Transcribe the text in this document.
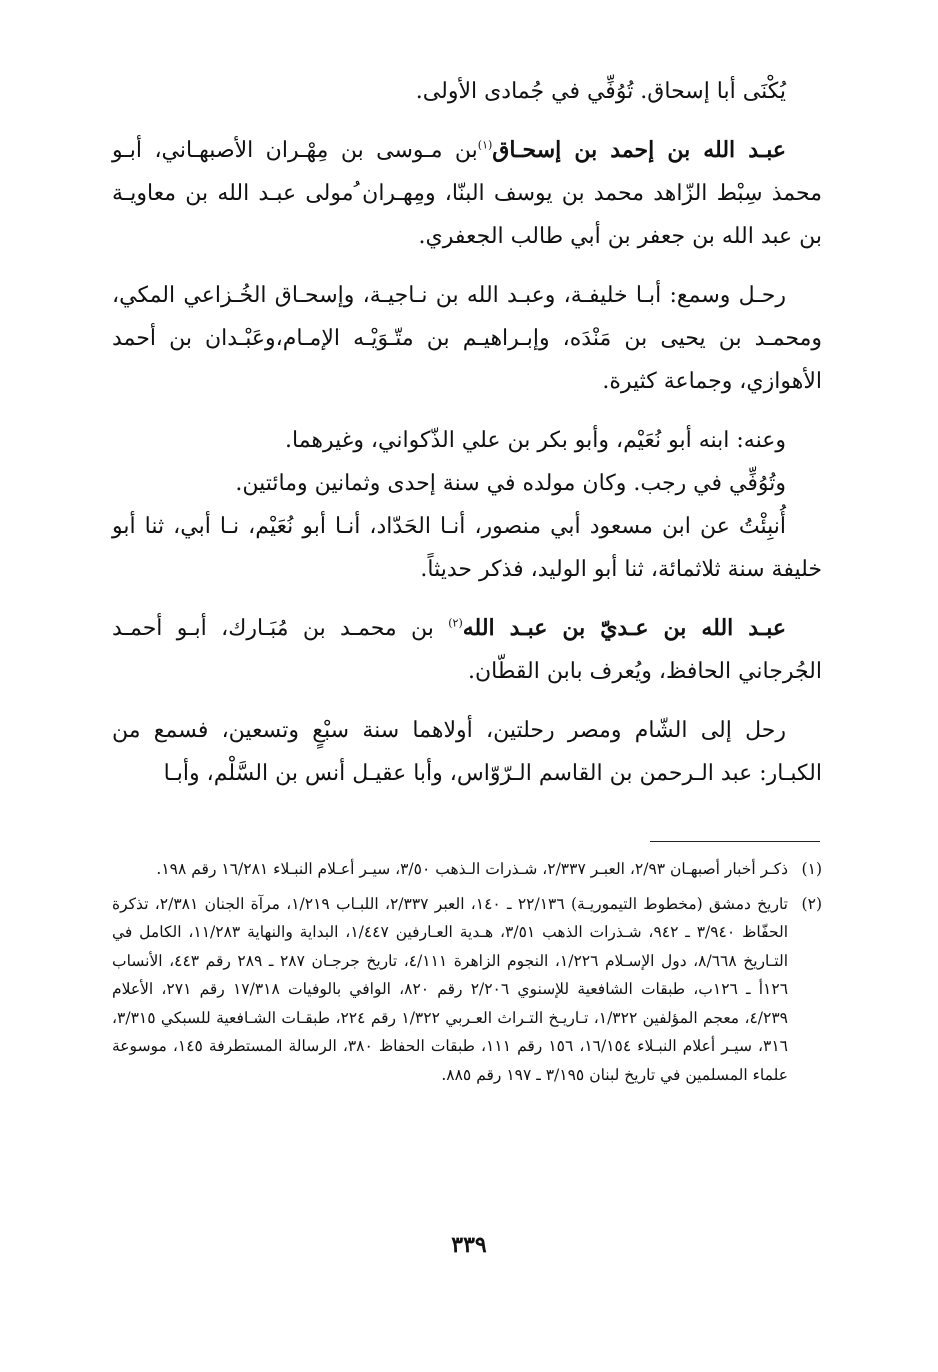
يُكْنَى أبا إسحاق. تُوُفِّي في جُمادى الأولى.

عبـد الله بن إحمد بن إسحـاق$^{(١)}$بن مـوسى بن مِهْـران الأصبهـاني، أبـو محمذ سِبْط الزّاهد محمد بن يوسف البنّا، ومِهـران ُمولى عبـد الله بن معاويـة بن عبد الله بن جعفر بن أبي طالب الجعفري.

رحـل وسمع: أبـا خليفـة، وعبـد الله بن نـاجيـة، وإسحـاق الخُـزاعي المكي، ومحمـد بن يحيى بن مَنْدَه، وإبـراهيـم بن متّـوَيْـه الإمـام،وعَبْـدان بن أحمد الأهوازي، وجماعة كثيرة.

وعنه: ابنه أبو نُعَيْم، وأبو بكر بن علي الذّكواني، وغيرهما.

وتُوُفِّي في رجب. وكان مولده في سنة إحدى وثمانين ومائتين.

أُنبِئْتُ عن ابن مسعود أبي منصور، أنـا الحَدّاد، أنـا أبو نُعَيْم، نـا أبي، ثنا أبو خليفة سنة ثلاثمائة، ثنا أبو الوليد، فذكر حديثاً.

عبـد الله بن عـديّ بن عبـد الله$^{(٢)}$ بن محمـد بن مُبَـارك، أبـو أحمـد الجُرجاني الحافظ، ويُعرف بابن القطّان.

رحل إلى الشّام ومصر رحلتين، أولاهما سنة سبْعٍ وتسعين، فسمع من الكبـار: عبد الـرحمن بن القاسم الـرّوّاس، وأبا عقيـل أنس بن السَّلْم، وأبـا

(١)
ذكـر أخبار أصبهـان ٢/٩٣، العبـر ٢/٣٣٧، شـذرات الـذهب ٣/٥٠، سيـر أعـلام النبـلاء ١٦/٢٨١ رقم ١٩٨.
(٢)
تاريخ دمشق (مخطوط التيموريـة) ٢٢/١٣٦ ـ ١٤٠، العبر ٢/٣٣٧، اللبـاب ١/٢١٩، مرآة الجنان ٢/٣٨١، تذكرة الحفّاظ ٣/٩٤٠ ـ ٩٤٢، شـذرات الذهب ٣/٥١، هـدية العـارفين ١/٤٤٧، البداية والنهاية ١١/٢٨٣، الكامل في التـاريخ ٨/٦٦٨، دول الإسـلام ١/٢٢٦، النجوم الزاهرة ٤/١١١، تاريخ جرجـان ٢٨٧ ـ ٢٨٩ رقم ٤٤٣، الأنساب ١٢٦أ ـ ١٢٦ب، طبقات الشافعية للإسنوي ٢/٢٠٦ رقم ٨٢٠، الوافي بالوفيات ١٧/٣١٨ رقم ٢٧١، الأعلام ٤/٢٣٩، معجم المؤلفين ١/٣٢٢، تـاريـخ التـراث العـربي ١/٣٢٢ رقم ٢٢٤، طبقـات الشـافعية للسبكي ٣/٣١٥، ٣١٦، سيـر أعلام النبـلاء ١٦/١٥٤، ١٥٦ رقم ١١١، طبقات الحفاظ ٣٨٠، الرسالة المستطرفة ١٤٥، موسوعة علماء المسلمين في تاريخ لبنان ٣/١٩٥ ـ ١٩٧ رقم ٨٨٥.
٣٣٩
